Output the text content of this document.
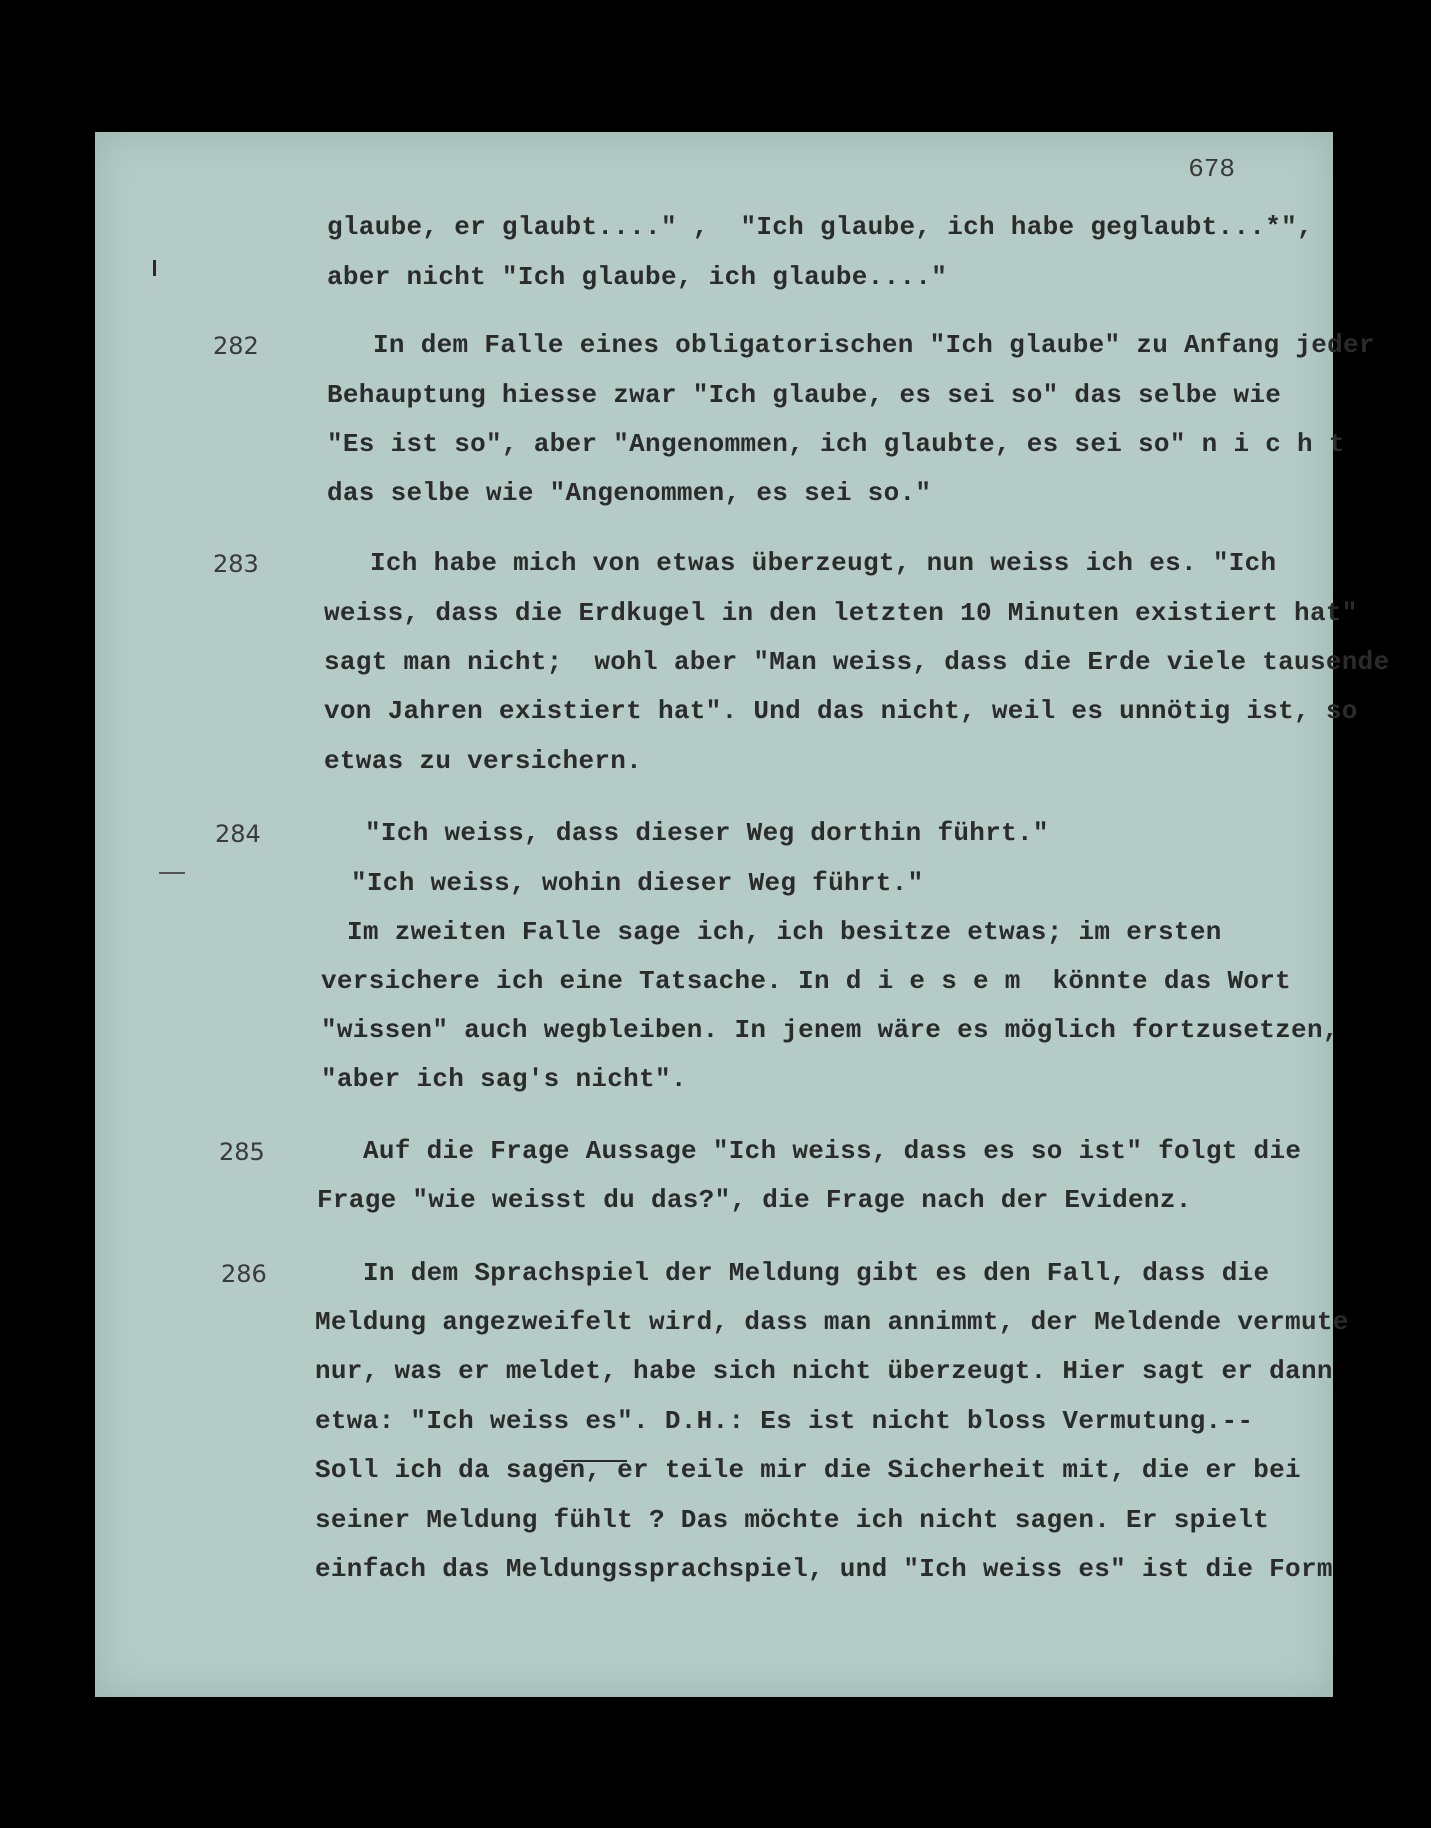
678
glaube, er glaubt...." ,  "Ich glaube, ich habe geglaubt...*",
aber nicht "Ich glaube, ich glaube...."
282	In dem Falle eines obligatorischen "Ich glaube" zu Anfang jeder
Behauptung hiesse zwar "Ich glaube, es sei so" das selbe wie
"Es ist so", aber "Angenommen, ich glaubte, es sei so" n i c h t
das selbe wie "Angenommen, es sei so."
283	Ich habe mich von etwas überzeugt, nun weiss ich es. "Ich
weiss, dass die Erdkugel in den letzten 10 Minuten existiert hat"
sagt man nicht;  wohl aber "Man weiss, dass die Erde viele tausende
von Jahren existiert hat". Und das nicht, weil es unnötig ist, so
etwas zu versichern.
284	"Ich weiss, dass dieser Weg dorthin führt."
"Ich weiss, wohin dieser Weg führt."
Im zweiten Falle sage ich, ich besitze etwas; im ersten
versichere ich eine Tatsache. In d i e s e m  könnte das Wort
"wissen" auch wegbleiben. In jenem wäre es möglich fortzusetzen,
"aber ich sag's nicht".
285	Auf die Frage Aussage "Ich weiss, dass es so ist" folgt die
Frage "wie weisst du das?", die Frage nach der Evidenz.
286	In dem Sprachspiel der Meldung gibt es den Fall, dass die
Meldung angezweifelt wird, dass man annimmt, der Meldende vermute
nur, was er meldet, habe sich nicht überzeugt. Hier sagt er dann
etwa: "Ich weiss es". D.H.: Es ist nicht bloss Vermutung.--
Soll ich da sagen, er teile mir die Sicherheit mit, die er bei
seiner Meldung fühlt ? Das möchte ich nicht sagen. Er spielt
einfach das Meldungssprachspiel, und "Ich weiss es" ist die Form
